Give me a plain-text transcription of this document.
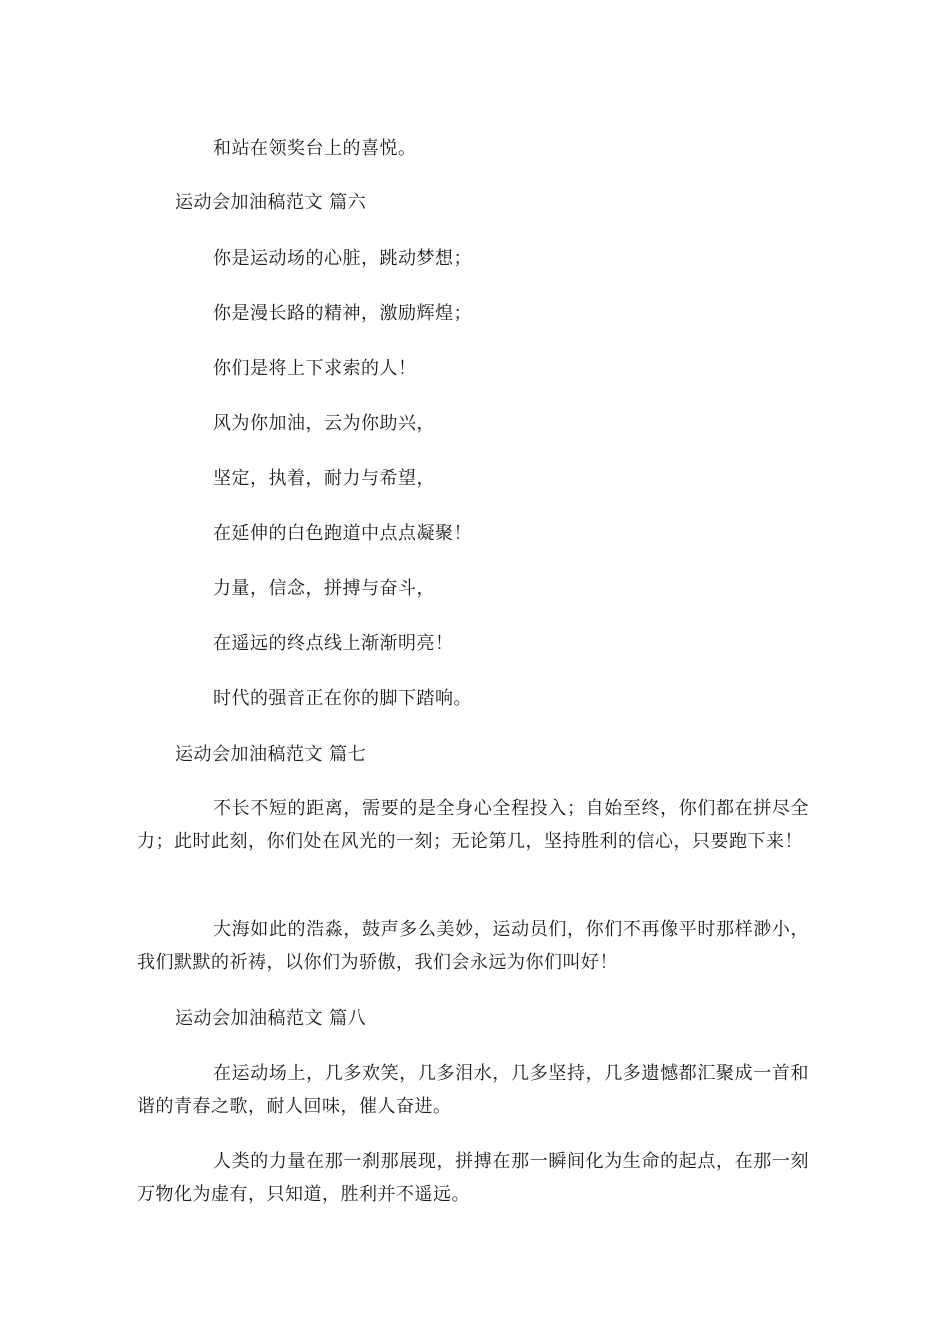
和站在领奖台上的喜悦。
运动会加油稿范文 篇六
你是运动场的心脏，跳动梦想；
你是漫长路的精神，激励辉煌；
你们是将上下求索的人！
风为你加油，云为你助兴，
坚定，执着，耐力与希望，
在延伸的白色跑道中点点凝聚！
力量，信念，拼搏与奋斗，
在遥远的终点线上渐渐明亮！
时代的强音正在你的脚下踏响。
运动会加油稿范文 篇七
不长不短的距离，需要的是全身心全程投入；自始至终，你们都在拼尽全力；此时此刻，你们处在风光的一刻；无论第几，坚持胜利的信心，只要跑下来！
大海如此的浩淼，鼓声多么美妙，运动员们，你们不再像平时那样渺小，我们默默的祈祷，以你们为骄傲，我们会永远为你们叫好！
运动会加油稿范文 篇八
在运动场上，几多欢笑，几多泪水，几多坚持，几多遗憾都汇聚成一首和谐的青春之歌，耐人回味，催人奋进。
人类的力量在那一刹那展现，拼搏在那一瞬间化为生命的起点，在那一刻万物化为虚有，只知道，胜利并不遥远。
